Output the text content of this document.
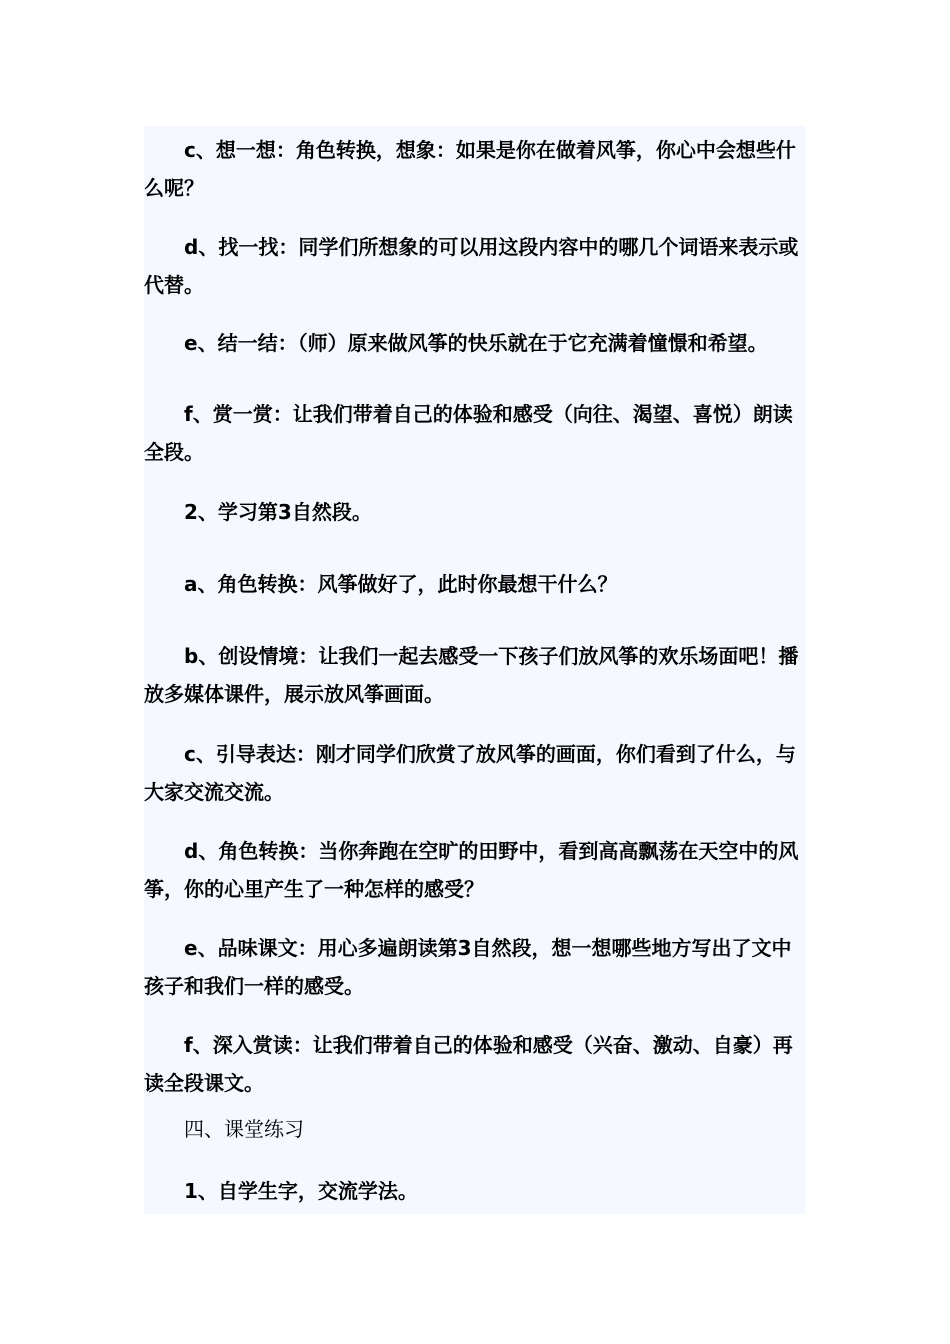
c、想一想：角色转换，想象：如果是你在做着风筝，你心中会想些什么呢？

d、找一找：同学们所想象的可以用这段内容中的哪几个词语来表示或代替。

e、结一结：（师）原来做风筝的快乐就在于它充满着憧憬和希望。

f、赏一赏：让我们带着自己的体验和感受（向往、渴望、喜悦）朗读全段。

2、学习第3自然段。

a、角色转换：风筝做好了，此时你最想干什么？

b、创设情境：让我们一起去感受一下孩子们放风筝的欢乐场面吧！播放多媒体课件，展示放风筝画面。

c、引导表达：刚才同学们欣赏了放风筝的画面，你们看到了什么，与大家交流交流。

d、角色转换：当你奔跑在空旷的田野中，看到高高飘荡在天空中的风筝，你的心里产生了一种怎样的感受？

e、品味课文：用心多遍朗读第3自然段，想一想哪些地方写出了文中孩子和我们一样的感受。

f、深入赏读：让我们带着自己的体验和感受（兴奋、激动、自豪）再读全段课文。

四、课堂练习

1、自学生字，交流学法。
